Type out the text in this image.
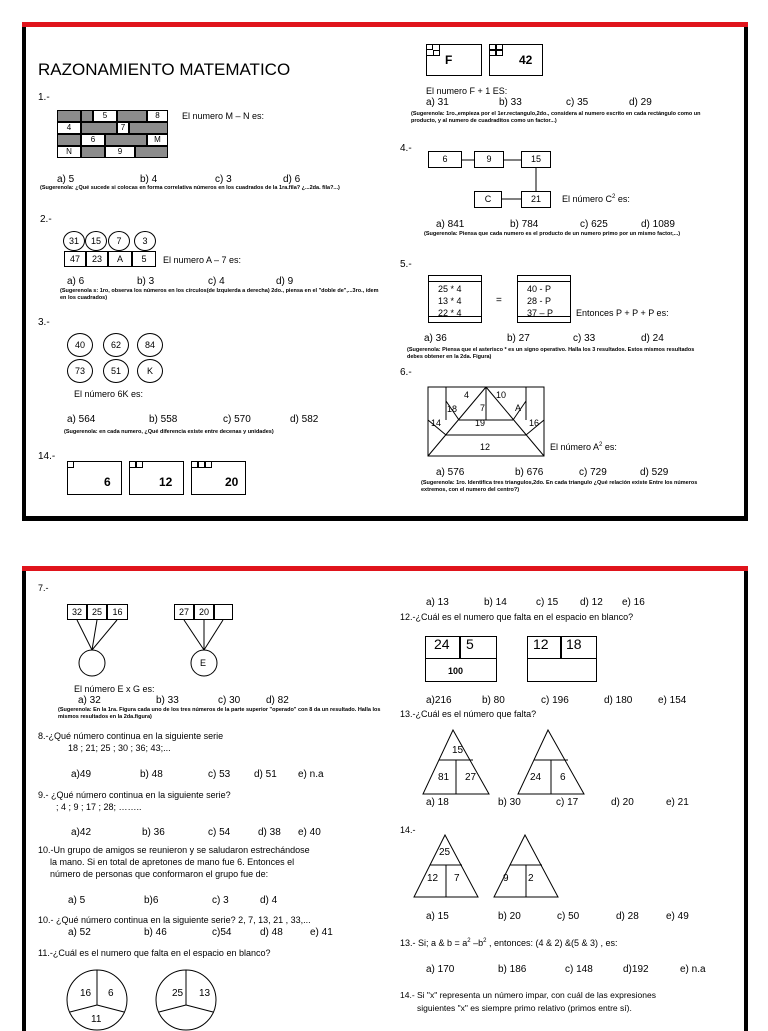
RAZONAMIENTO MATEMATICO
1.-
5	8
4	7
6	M
N	9
El numero M – N es:
a) 5	b) 4	c) 3	d) 6
(Sugerenola: ¿Qué sucede si colocas en forma correlativa números en los cuadrados de la 1ra.fila? ¿...2da. fila?...)
2.-
31	15	7	3
47	23	A	5	El numero A – 7 es:
a) 6	b) 3	c) 4	d) 9
(Sugerenola s: 1ro, observa los números en los círculos(de Izquierda a derecha) 2do., piensa en el "doble de",...3ro., ídem en los cuadrados)
3.-
40	62	84
73	51	K
El número 6K es:
a) 564	b) 558	c) 570	d) 582
(Sugerenola: en cada numero, ¿Qué diferencia existe entre decenas y unidades)
14.-
6	12	20
F	42
El numero F + 1 ES:
a) 31	b) 33	c) 35	d) 29
(Sugerenola: 1ro.,empieza por el 1er.rectangulo,2do., considera al numero escrito en cada rectángulo como un producto, y al numero de cuadraditos como un factor...)
4.-
6	9	15
C	21	El número $C^2$ es:
a) 841	b) 784	c) 625	d) 1089
(Sugerenola: Piensa que cada numero es el producto de un numero primo por un mismo factor,...)
5.-
25 * 4
13 * 4
22 * 4
=
40 - P
28 - P
37 – P	Entonces P + P + P es:
a) 36	b) 27	c) 33	d) 24
(Sugerenola: Piensa que el asterisco * es un signo operativo. Halla los 3 resultados. Estos mismos resultados debes obtener en la 2da. Figura)
6.-
4	10
18	7	A
14	19	16
12	El número $A^2$ es:
a) 576	b) 676	c) 729	d) 529
(Sugerenola: 1ro. Identifica tres triangulos,2do. En cada triangulo ¿Qué relación existe Entre los números extremos, con el numero del centro?)
7.-
32	25	16	27	20
E
El número E x G es:
a) 32	b) 33	c) 30	d) 82
(Sugerenola: En la 1ra. Figura cada uno de los tres números de la parte superior "operado" con 8 da un resultado. Halla los mismos resultados en la 2da.figura)
8.-¿Qué número continua en la siguiente serie
18 ; 21; 25 ; 30 ; 36; 43;...
a)49	b) 48	c) 53 d) 51 e) n.a
9.- ¿Qué número continua en la siguiente serie?
; 4 ; 9 ; 17 ; 28; ……..
a)42	b) 36	c) 54	d) 38 e) 40
10.-Un grupo de amigos se reunieron y se saludaron estrechándose
la mano. Si en total de apretones de mano fue 6. Entonces el
número de personas que conformaron el grupo fue de:
a) 5	b)6	c) 3	d) 4
10.- ¿Qué número continua en la siguiente serie? 2, 7, 13, 21 , 33,...
a) 52	b) 46	c)54	d) 48	e) 41
11.-¿Cuál es el numero que falta en el espacio en blanco?
16 6
11
25 13
a) 13	b) 14	c) 15 d) 12 e) 16
12.-¿Cuál es el numero que falta en el espacio en blanco?
24 5
100
12 18
a)216	b) 80	c) 196	d) 180	e) 154
13.-¿Cuál es el número que falta?
15
81 27	24 6
a) 18	b) 30	c) 17	d) 20	e) 21
14.-
25
12 7	9 2
a) 15	b) 20	c) 50	d) 28	e) 49
13.- Si; a & $b = a^2$ $-b^2$ , entonces: (4 & 2) &(5 & 3) , es:
a) 170	b) 186	c) 148	d)192	e) n.a
14.- Si "x" representa un número impar, con cuál de las expresiones
siguientes "x" es siempre primo relativo (primos entre sí).
